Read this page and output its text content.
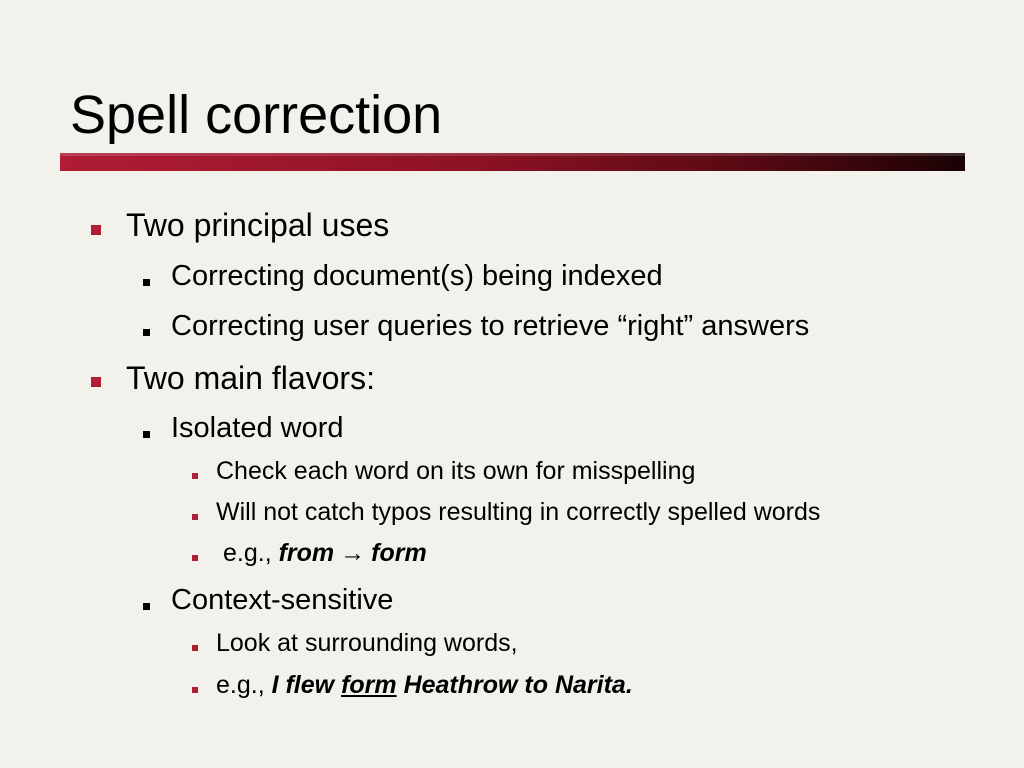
Spell correction
Two principal uses
Correcting document(s) being indexed
Correcting user queries to retrieve “right” answers
Two main flavors:
Isolated word
Check each word on its own for misspelling
Will not catch typos resulting in correctly spelled words
e.g., from → form
Context-sensitive
Look at surrounding words,
e.g., I flew form Heathrow to Narita.
